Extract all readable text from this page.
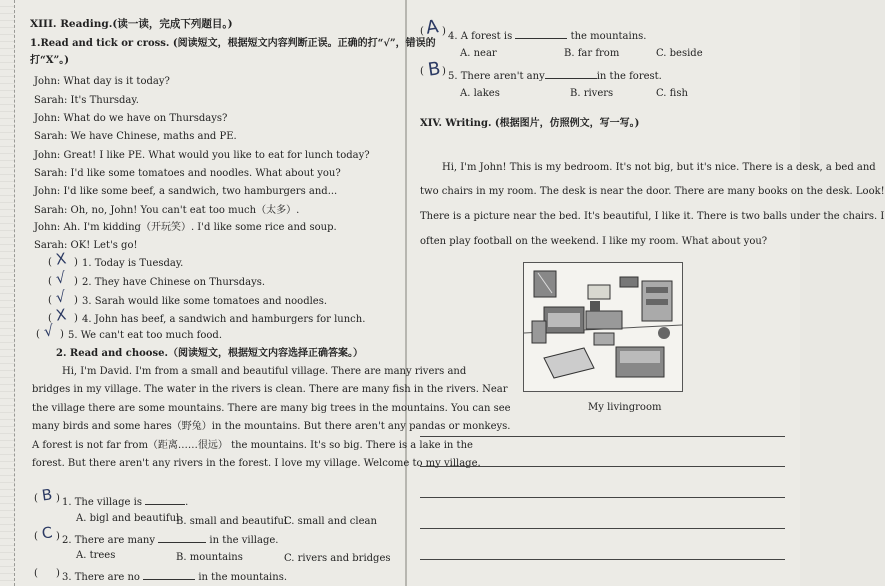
XIII. Reading.(读一读，完成下列题目。)
1.Read and tick or cross. (阅读短文，根据短文内容判断正误。正确的打“√”，错误的
打“X”。)
John: What day is it today?
Sarah: It's Thursday.
John: What do we have on Thursdays?
Sarah: We have Chinese, maths and PE.
John: Great! I like PE. What would you like to eat for lunch today?
Sarah: I'd like some tomatoes and noodles. What about you?
John: I'd like some beef, a sandwich, two hamburgers and...
Sarah: Oh, no, John! You can't eat too much（太多）.
John: Ah. I'm kidding（开玩笑）. I'd like some rice and soup.
Sarah: OK! Let's go!
( X ) 1. Today is Tuesday.
( √ ) 2. They have Chinese on Thursdays.
( √ ) 3. Sarah would like some tomatoes and noodles.
( X ) 4. John has beef, a sandwich and hamburgers for lunch.
( √ ) 5. We can't eat too much food.
2. Read and choose.（阅读短文，根据短文内容选择正确答案。）
Hi, I'm David. I'm from a small and beautiful village. There are many rivers and
bridges in my village. The water in the rivers is clean. There are many fish in the rivers. Near
the village there are some mountains. There are many big trees in the mountains. You can see
many birds and some hares（野兔）in the mountains. But there aren't any pandas or monkeys.
A forest is not far from（距离……很远） the mountains. It's so big. There is a lake in the
forest. But there aren't any rivers in the forest. I love my village. Welcome to my village.
( B ) 1. The village is	.
A. bigl and beautiful
B. small and beautiful
C. small and clean
( C ) 2. There are many	in the village.
A. trees	B. mountains	C. rivers and bridges
( ) 3. There are no	in the mountains.
( A ) 4. A forest is	the mountains.
A. near	B. far from	C. beside
( B ) 5. There aren't any	in the forest.
A. lakes	B. rivers	C. fish
XIV. Writing. (根据图片，仿照例文，写一写。)
Hi, I'm John! This is my bedroom. It's not big, but it's nice. There is a desk, a bed and
two chairs in my room. The desk is near the door. There are many books on the desk. Look!
There is a picture near the bed. It's beautiful, I like it. There is two balls under the chairs. I
often play football on the weekend. I like my room. What about you?
My livingroom
